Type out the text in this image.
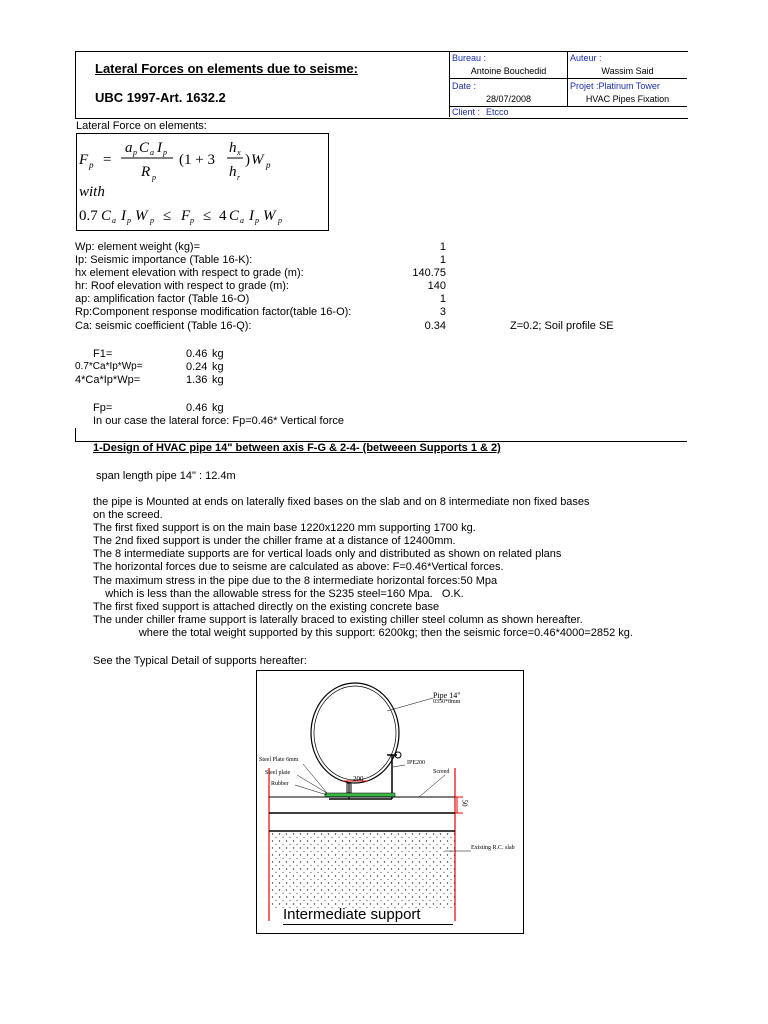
Lateral Forces on elements due to seisme:
UBC 1997-Art. 1632.2
Bureau :
Antoine Bouchedid
Auteur :
Wassim Said
Date :
28/07/2008
Projet :Platinum Tower
HVAC Pipes Fixation
Client : Etcco
Lateral Force on elements:
F p =
a p C a I p
R p
(1 + 3
h x
h r
) W p
with
0.7 C a I p W p ≤ F p ≤ 4 C a I p W p
Wp: element weight (kg)=	1
Ip: Seismic importance (Table 16-K):	1
hx element elevation with respect to grade (m):	140.75
hr: Roof elevation with respect to grade (m):	140
ap: amplification factor (Table 16-O)	1
Rp:Component response modification factor(table 16-O):	3
Ca: seismic coefficient (Table 16-Q):	0.34	Z=0.2; Soil profile SE
F1=	0.46 kg
0.7*Ca*Ip*Wp=	0.24 kg
4*Ca*Ip*Wp=	1.36 kg
Fp=	0.46 kg
In our case the lateral force: Fp=0.46* Vertical force
1-Design of HVAC pipe 14" between axis F-G & 2-4- (betweeen Supports 1 & 2)
span length pipe 14" : 12.4m
the pipe is Mounted at ends on laterally fixed bases on the slab and on 8 intermediate non fixed bases
on the screed.
The first fixed support is on the main base 1220x1220 mm supporting 1700 kg.
The 2nd fixed support is under the chiller frame at a distance of 12400mm.
The 8 intermediate supports are for vertical loads only and distributed as shown on related plans
The horizontal forces due to seisme are calculated as above: F=0.46*Vertical forces.
The maximum stress in the pipe due to the 8 intermediate horizontal forces:50 Mpa
which is less than the allowable stress for the S235 steel=160 Mpa.   O.K.
The first fixed support is attached directly on the existing concrete base
The under chiller frame support is laterally braced to existing chiller steel column as shown hereafter.
where the total weight supported by this support: 6200kg; then the seismic force=0.46*4000=2852 kg.
See the Typical Detail of supports hereafter:
Pipe 14"
0350*8mm
Steel Plate 6mm
Steel plate
Rubber
IPE200
Screed
200
50
Existing R.C. slab
Intermediate support
